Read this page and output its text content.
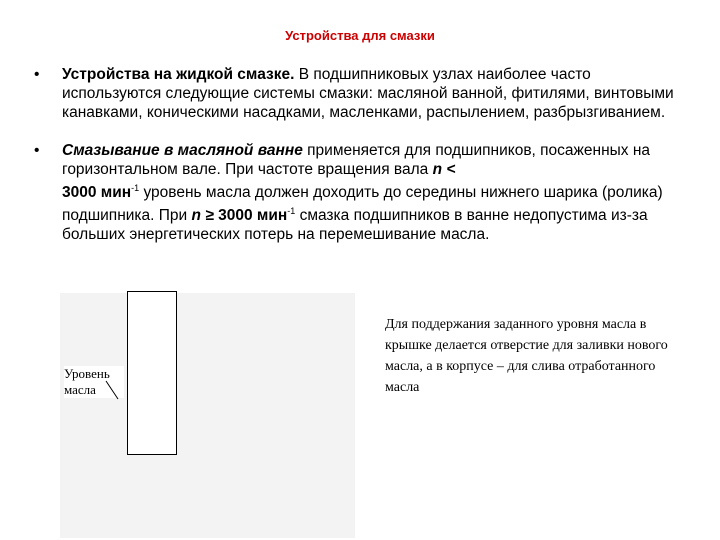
Устройства для смазки
• Устройства на жидкой смазке. В подшипниковых узлах наиболее часто используются следующие системы смазки: масляной ванной, фитилями, винтовыми канавками, коническими насадками, масленками, распылением, разбрызгиванием.
• Смазывание в масляной ванне применяется для подшипников, посаженных на горизонтальном вале. При частоте вращения вала n <
3000 мин$^{-1}$ уровень масла должен доходить до середины нижнего шарика (ролика) подшипника. При n ≥ 3000 мин$^{-1}$ смазка подшипников в ванне недопустима из-за больших энергетических потерь на перемешивание масла.
Уровень масла
Для поддержания заданного уровня масла в крышке делается отверстие для заливки нового масла, а в корпусе – для слива отработанного масла
